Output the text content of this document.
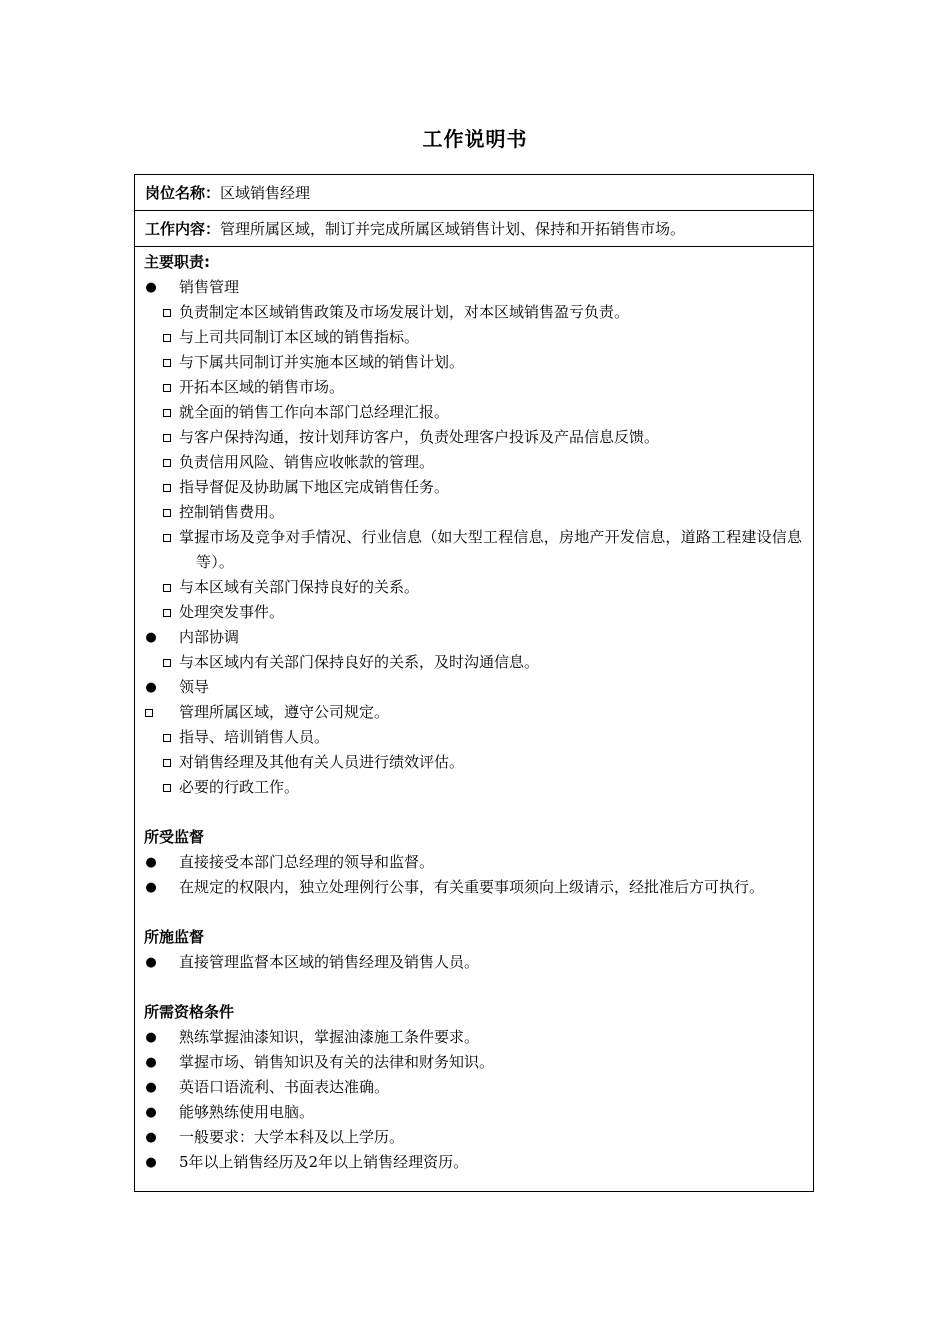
工作说明书
岗位名称：区域销售经理
工作内容：管理所属区域，制订并完成所属区域销售计划、保持和开拓销售市场。
主要职责:
● 销售管理
负责制定本区域销售政策及市场发展计划，对本区域销售盈亏负责。
与上司共同制订本区域的销售指标。
与下属共同制订并实施本区域的销售计划。
开拓本区域的销售市场。
就全面的销售工作向本部门总经理汇报。
与客户保持沟通，按计划拜访客户，负责处理客户投诉及产品信息反馈。
负责信用风险、销售应收帐款的管理。
指导督促及协助属下地区完成销售任务。
控制销售费用。
掌握市场及竞争对手情况、行业信息（如大型工程信息，房地产开发信息，道路工程建设信息等）。
与本区域有关部门保持良好的关系。
处理突发事件。
● 内部协调
与本区域内有关部门保持良好的关系，及时沟通信息。
● 领导
管理所属区域，遵守公司规定。
指导、培训销售人员。
对销售经理及其他有关人员进行绩效评估。
必要的行政工作。
所受监督
● 直接接受本部门总经理的领导和监督。
● 在规定的权限内，独立处理例行公事，有关重要事项须向上级请示，经批准后方可执行。
所施监督
● 直接管理监督本区域的销售经理及销售人员。
所需资格条件
● 熟练掌握油漆知识，掌握油漆施工条件要求。
● 掌握市场、销售知识及有关的法律和财务知识。
● 英语口语流利、书面表达准确。
● 能够熟练使用电脑。
● 一般要求：大学本科及以上学历。
● 5年以上销售经历及2年以上销售经理资历。
